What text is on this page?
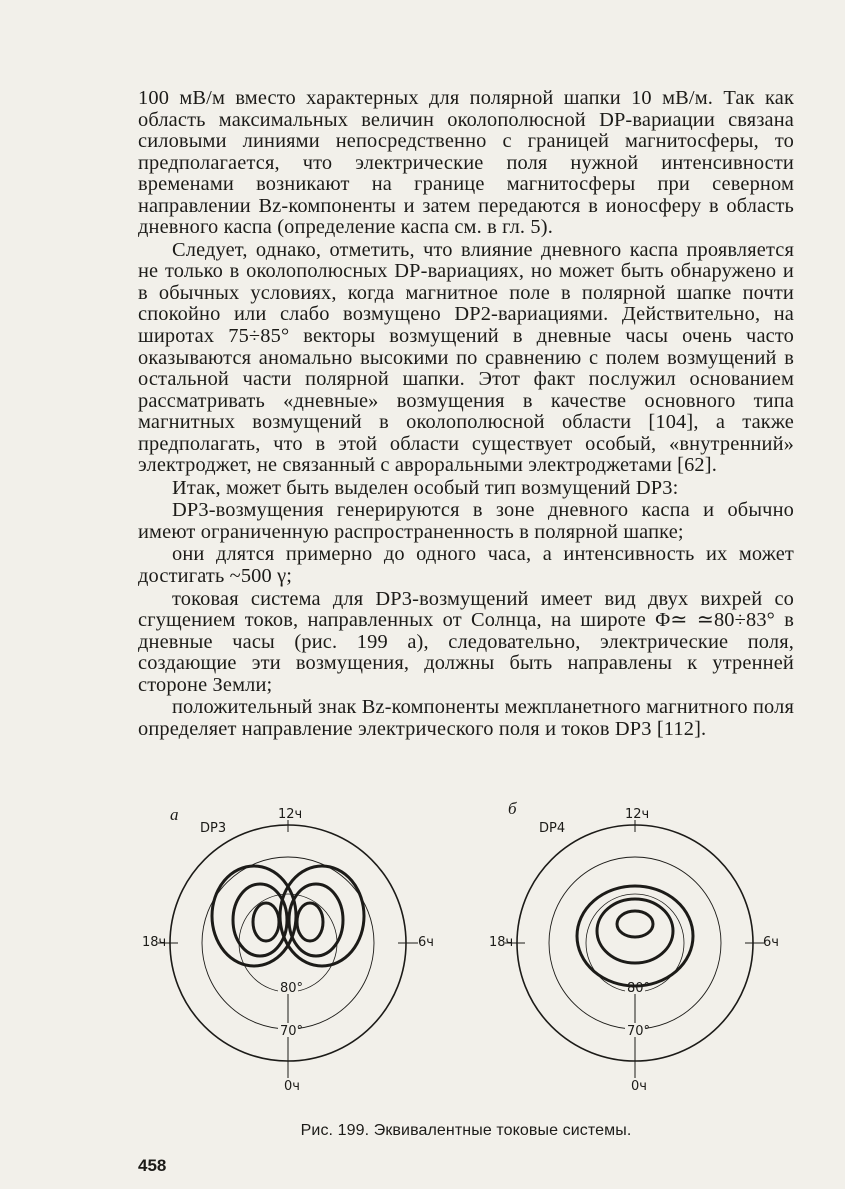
100 мВ/м вместо характерных для полярной шапки 10 мВ/м. Так как область максимальных величин околополюсной DP-вариации связана силовыми линиями непосредственно с границей магнитосферы, то предполагается, что электрические поля нужной интенсивности временами возникают на границе магнитосферы при северном направлении Bz-компоненты и затем передаются в ионосферу в область дневного каспа (определение каспа см. в гл. 5).

Следует, однако, отметить, что влияние дневного каспа проявляется не только в околополюсных DP-вариациях, но может быть обнаружено и в обычных условиях, когда магнитное поле в полярной шапке почти спокойно или слабо возмущено DP2-вариациями. Действительно, на широтах 75÷85° векторы возмущений в дневные часы очень часто оказываются аномально высокими по сравнению с полем возмущений в остальной части полярной шапки. Этот факт послужил основанием рассматривать «дневные» возмущения в качестве основного типа магнитных возмущений в околополюсной области [104], а также предполагать, что в этой области существует особый, «внутренний» электроджет, не связанный с авроральными электроджетами [62].

Итак, может быть выделен особый тип возмущений DP3:

DP3-возмущения генерируются в зоне дневного каспа и обычно имеют ограниченную распространенность в полярной шапке;

они длятся примерно до одного часа, а интенсивность их может достигать ~500 γ;

токовая система для DP3-возмущений имеет вид двух вихрей со сгущением токов, направленных от Солнца, на широте Φ≃ ≃80÷83° в дневные часы (рис. 199 а), следовательно, электрические поля, создающие эти возмущения, должны быть направлены к утренней стороне Земли;

положительный знак Bz-компоненты межпланетного магнитного поля определяет направление электрического поля и токов DP3 [112].

а
DP3
12ч
18ч	6ч
0ч
80°
70°
б
DP4
12ч
18ч	6ч
0ч
80°
70°
Рис. 199. Эквивалентные токовые системы.
458
